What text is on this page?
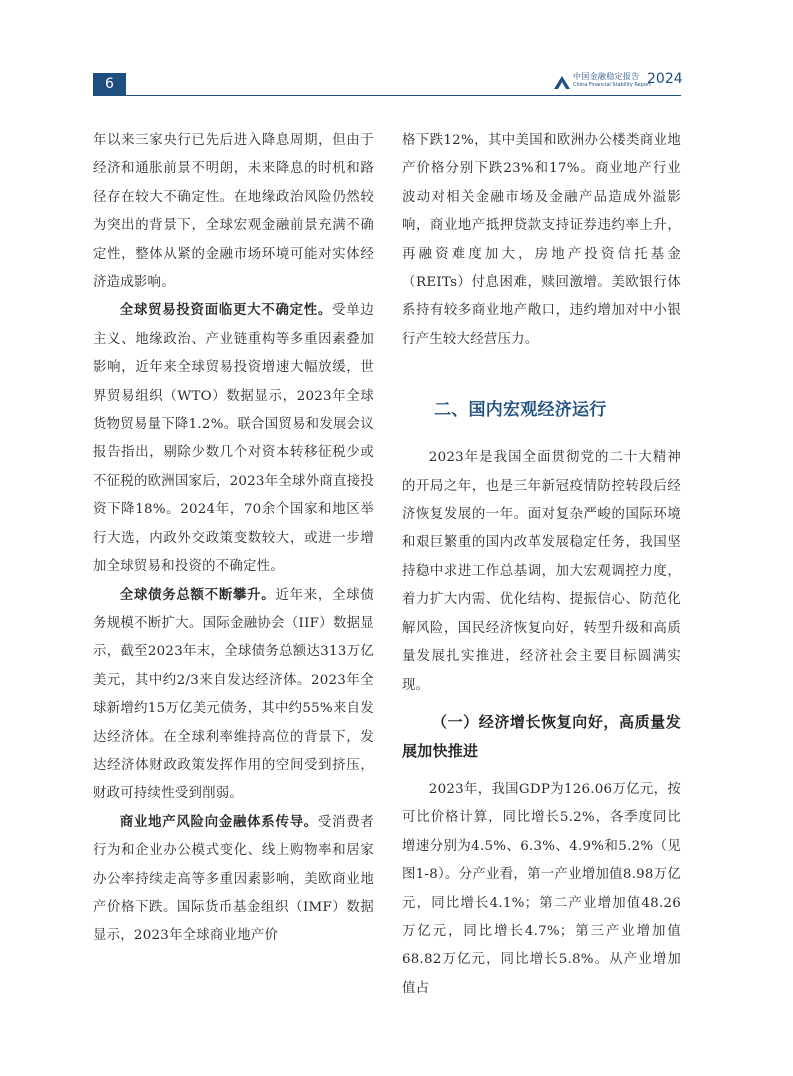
6	中国金融稳定报告
China Financial Stability Report
2024

年以来三家央行已先后进入降息周期，但由于经济和通胀前景不明朗，未来降息的时机和路径存在较大不确定性。在地缘政治风险仍然较为突出的背景下，全球宏观金融前景充满不确定性，整体从紧的金融市场环境可能对实体经济造成影响。

全球贸易投资面临更大不确定性。受单边主义、地缘政治、产业链重构等多重因素叠加影响，近年来全球贸易投资增速大幅放缓，世界贸易组织（WTO）数据显示，2023年全球货物贸易量下降1.2%。联合国贸易和发展会议报告指出，剔除少数几个对资本转移征税少或不征税的欧洲国家后，2023年全球外商直接投资下降18%。2024年，70余个国家和地区举行大选，内政外交政策变数较大，或进一步增加全球贸易和投资的不确定性。

全球债务总额不断攀升。近年来，全球债务规模不断扩大。国际金融协会（IIF）数据显示，截至2023年末，全球债务总额达313万亿美元，其中约2/3来自发达经济体。2023年全球新增约15万亿美元债务，其中约55%来自发达经济体。在全球利率维持高位的背景下，发达经济体财政政策发挥作用的空间受到挤压，财政可持续性受到削弱。

商业地产风险向金融体系传导。受消费者行为和企业办公模式变化、线上购物率和居家办公率持续走高等多重因素影响，美欧商业地产价格下跌。国际货币基金组织（IMF）数据显示，2023年全球商业地产价

格下跌12%，其中美国和欧洲办公楼类商业地产价格分别下跌23%和17%。商业地产行业波动对相关金融市场及金融产品造成外溢影响，商业地产抵押贷款支持证券违约率上升，再融资难度加大，房地产投资信托基金（REITs）付息困难，赎回激增。美欧银行体系持有较多商业地产敞口，违约增加对中小银行产生较大经营压力。

二、国内宏观经济运行

2023年是我国全面贯彻党的二十大精神的开局之年，也是三年新冠疫情防控转段后经济恢复发展的一年。面对复杂严峻的国际环境和艰巨繁重的国内改革发展稳定任务，我国坚持稳中求进工作总基调，加大宏观调控力度，着力扩大内需、优化结构、提振信心、防范化解风险，国民经济恢复向好，转型升级和高质量发展扎实推进，经济社会主要目标圆满实现。

（一）经济增长恢复向好，高质量发展加快推进

2023年，我国GDP为126.06万亿元，按可比价格计算，同比增长5.2%，各季度同比增速分别为4.5%、6.3%、4.9%和5.2%（见图1-8）。分产业看，第一产业增加值8.98万亿元，同比增长4.1%；第二产业增加值48.26万亿元，同比增长4.7%；第三产业增加值68.82万亿元，同比增长5.8%。从产业增加值占
